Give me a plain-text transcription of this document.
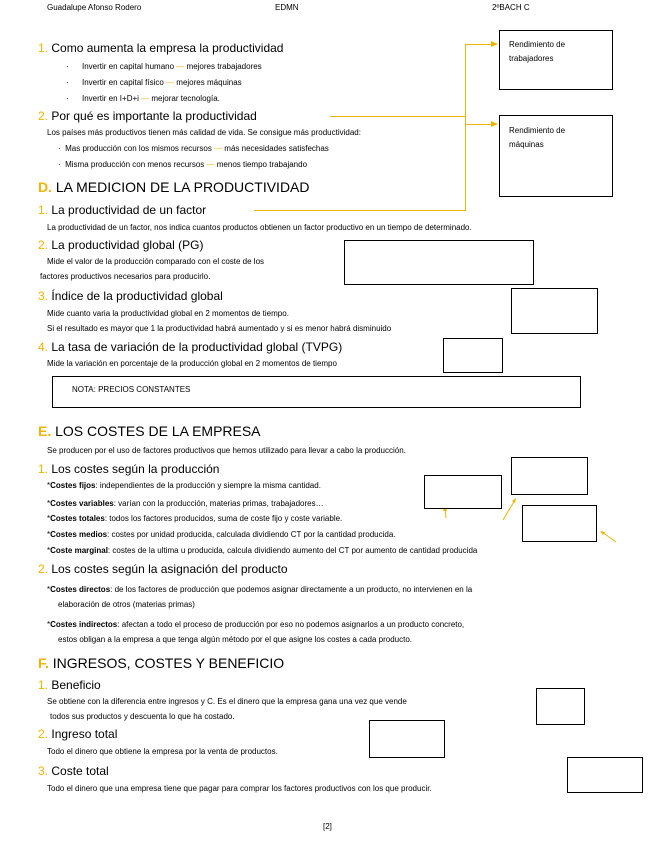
Guadalupe Afonso Rodero	EDMN	2ºBACH C
1. Como aumenta la empresa la productividad
·      Invertir en capital humano — mejores trabajadores
·      Invertir en capital físico — mejores máquinas
·      Invertir en I+D+i — mejorar tecnología.
2. Por qué es importante la productividad
Los países más productivos tienen más calidad de vida. Se consigue más productividad:
·  Mas producción con los mismos recursos — más necesidades satisfechas
·  Misma producción con menos recursos — menos tiempo trabajando
Rendimiento de trabajadores
Rendimiento de máquinas
D. LA MEDICION DE LA PRODUCTIVIDAD
1. La productividad de un factor
La productividad de un factor, nos indica cuantos productos obtienen un factor productivo en un tiempo de determinado.
2. La productividad global (PG)
Mide el valor de la producción comparado con el coste de los
factores productivos necesarios para producirlo.
3. Índice de la productividad global
Mide cuanto varia la productividad global en 2 momentos de tiempo.
Si el resultado es mayor que 1 la productividad habrá aumentado y si es menor habrá disminuido
4. La tasa de variación de la productividad global (TVPG)
Mide la variación en porcentaje de la producción global en 2 momentos de tiempo
NOTA: PRECIOS CONSTANTES
E. LOS COSTES DE LA EMPRESA
Se producen por el uso de factores productivos que hemos utilizado para llevar a cabo la producción.
1. Los costes según la producción
*Costes fijos: independientes de la producción y siempre la misma cantidad.
*Costes variables: varían con la producción, materias primas, trabajadores…
*Costes totales: todos los factores producidos, suma de coste fijo y coste variable.
*Costes medios: costes por unidad producida, calculada dividiendo CT por la cantidad producida.
*Coste marginal: costes de la ultima u producida, calcula dividiendo aumento del CT por aumento de cantidad producida
2. Los costes según la asignación del producto
*Costes directos: de los factores de producción que podemos asignar directamente a un producto, no intervienen en la
elaboración de otros (materias primas)
*Costes indirectos: afectan a todo el proceso de producción por eso no podemos asignarlos a un producto concreto,
estos obligan a la empresa a que tenga algún método por el que asigne los costes a cada producto.
F. INGRESOS, COSTES Y BENEFICIO
1. Beneficio
Se obtiene con la diferencia entre ingresos y C. Es el dinero que la empresa gana una vez que vende
todos sus productos y descuenta lo que ha costado.
2. Ingreso total
Todo el dinero que obtiene la empresa por la venta de productos.
3. Coste total
Todo el dinero que una empresa tiene que pagar para comprar los factores productivos con los que producir.
[2]
